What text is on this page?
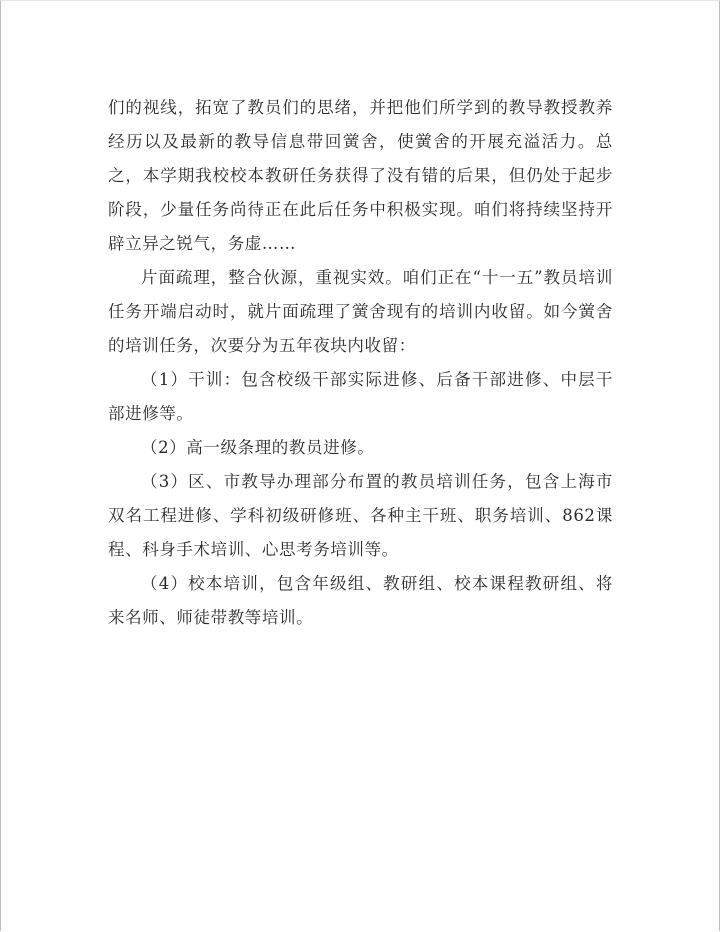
们的视线，拓宽了教员们的思绪，并把他们所学到的教导教授教养经历以及最新的教导信息带回黉舍，使黉舍的开展充溢活力。总之，本学期我校校本教研任务获得了没有错的后果，但仍处于起步阶段，少量任务尚待正在此后任务中积极实现。咱们将持续坚持开辟立异之锐气，务虚……

片面疏理，整合伙源，重视实效。咱们正在“十一五”教员培训任务开端启动时，就片面疏理了黉舍现有的培训内收留。如今黉舍的培训任务，次要分为五年夜块内收留：

（1）干训：包含校级干部实际进修、后备干部进修、中层干部进修等。

（2）高一级条理的教员进修。

（3）区、市教导办理部分布置的教员培训任务，包含上海市双名工程进修、学科初级研修班、各种主干班、职务培训、862课程、科身手术培训、心思考务培训等。

（4）校本培训，包含年级组、教研组、校本课程教研组、将来名师、师徒带教等培训。
